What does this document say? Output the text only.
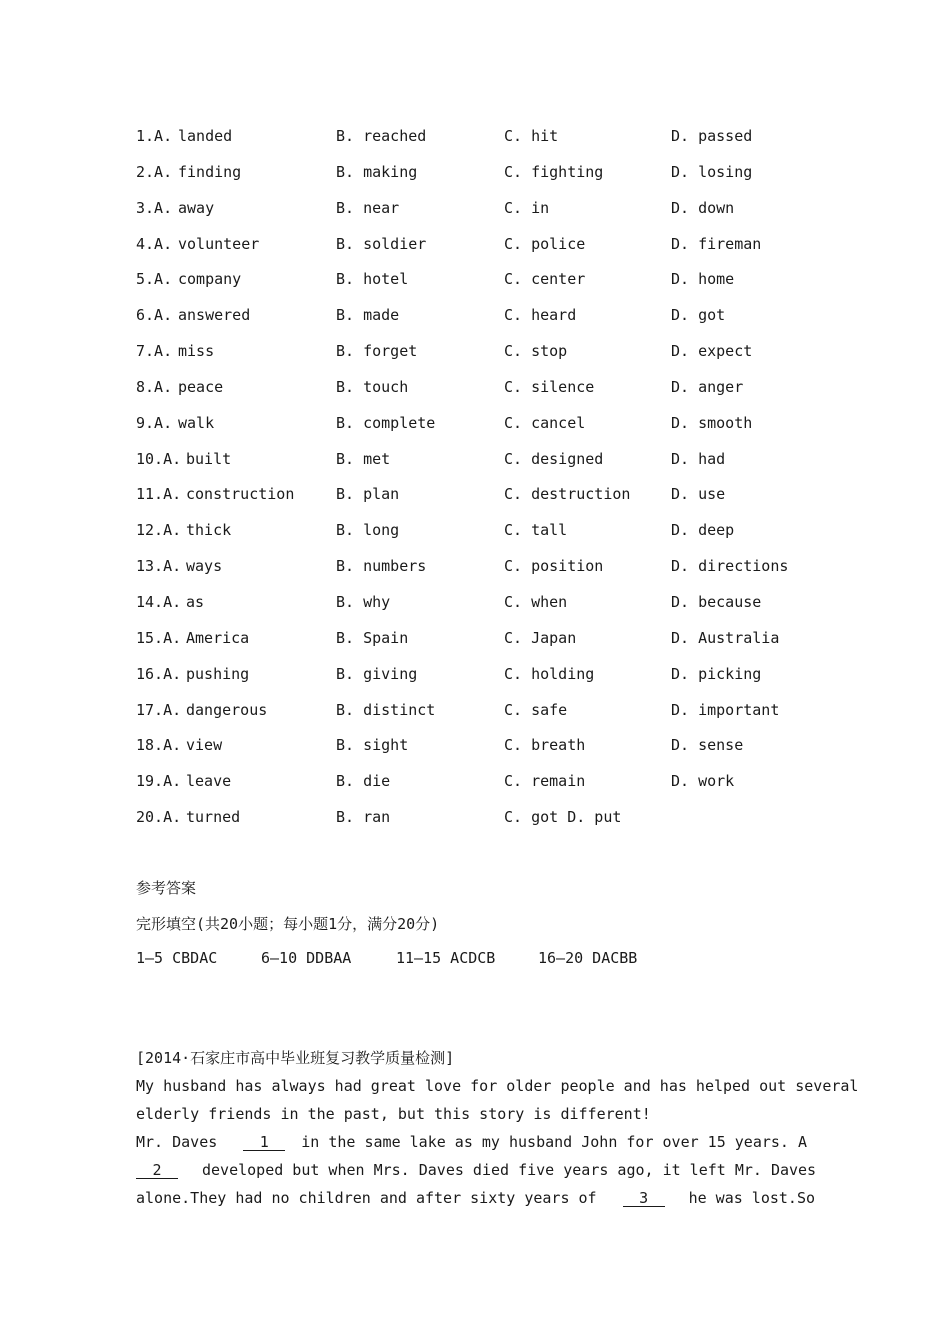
1.A. landed	B. reached	C. hit	D. passed
2.A. finding	B. making	C. fighting	D. losing
3.A. away	B. near	C. in	D. down
4.A. volunteer	B. soldier	C. police	D. fireman
5.A. company	B. hotel	C. center	D. home
6.A. answered	B. made	C. heard	D. got
7.A. miss	B. forget	C. stop	D. expect
8.A. peace	B. touch	C. silence	D. anger
9.A. walk	B. complete	C. cancel	D. smooth
10.A. built	B. met	C. designed	D. had
11.A. construction	B. plan	C. destruction	D. use
12.A. thick	B. long	C. tall	D. deep
13.A. ways	B. numbers	C. position	D. directions
14.A. as	B. why	C. when	D. because
15.A. America	B. Spain	C. Japan	D. Australia
16.A. pushing	B. giving	C. holding	D. picking
17.A. dangerous	B. distinct	C. safe	D. important
18.A. view	B. sight	C. breath	D. sense
19.A. leave	B. die	C. remain	D. work
20.A. turned	B. ran	C. got D. put
参考答案
完形填空(共20小题；每小题1分，满分20分)
1—5 CBDAC	6—10 DDBAA	11—15 ACDCB	16—20 DACBB
[2014·石家庄市高中毕业班复习教学质量检测]
My husband has always had great love for older people and has helped out several
elderly friends in the past, but this story is different!
Mr. Daves	1 in the same lake as my husband John for over 15 years. A
2	developed but when Mrs. Daves died five years ago, it left Mr. Daves
alone.They had no children and after sixty years of	3	he was lost.So
